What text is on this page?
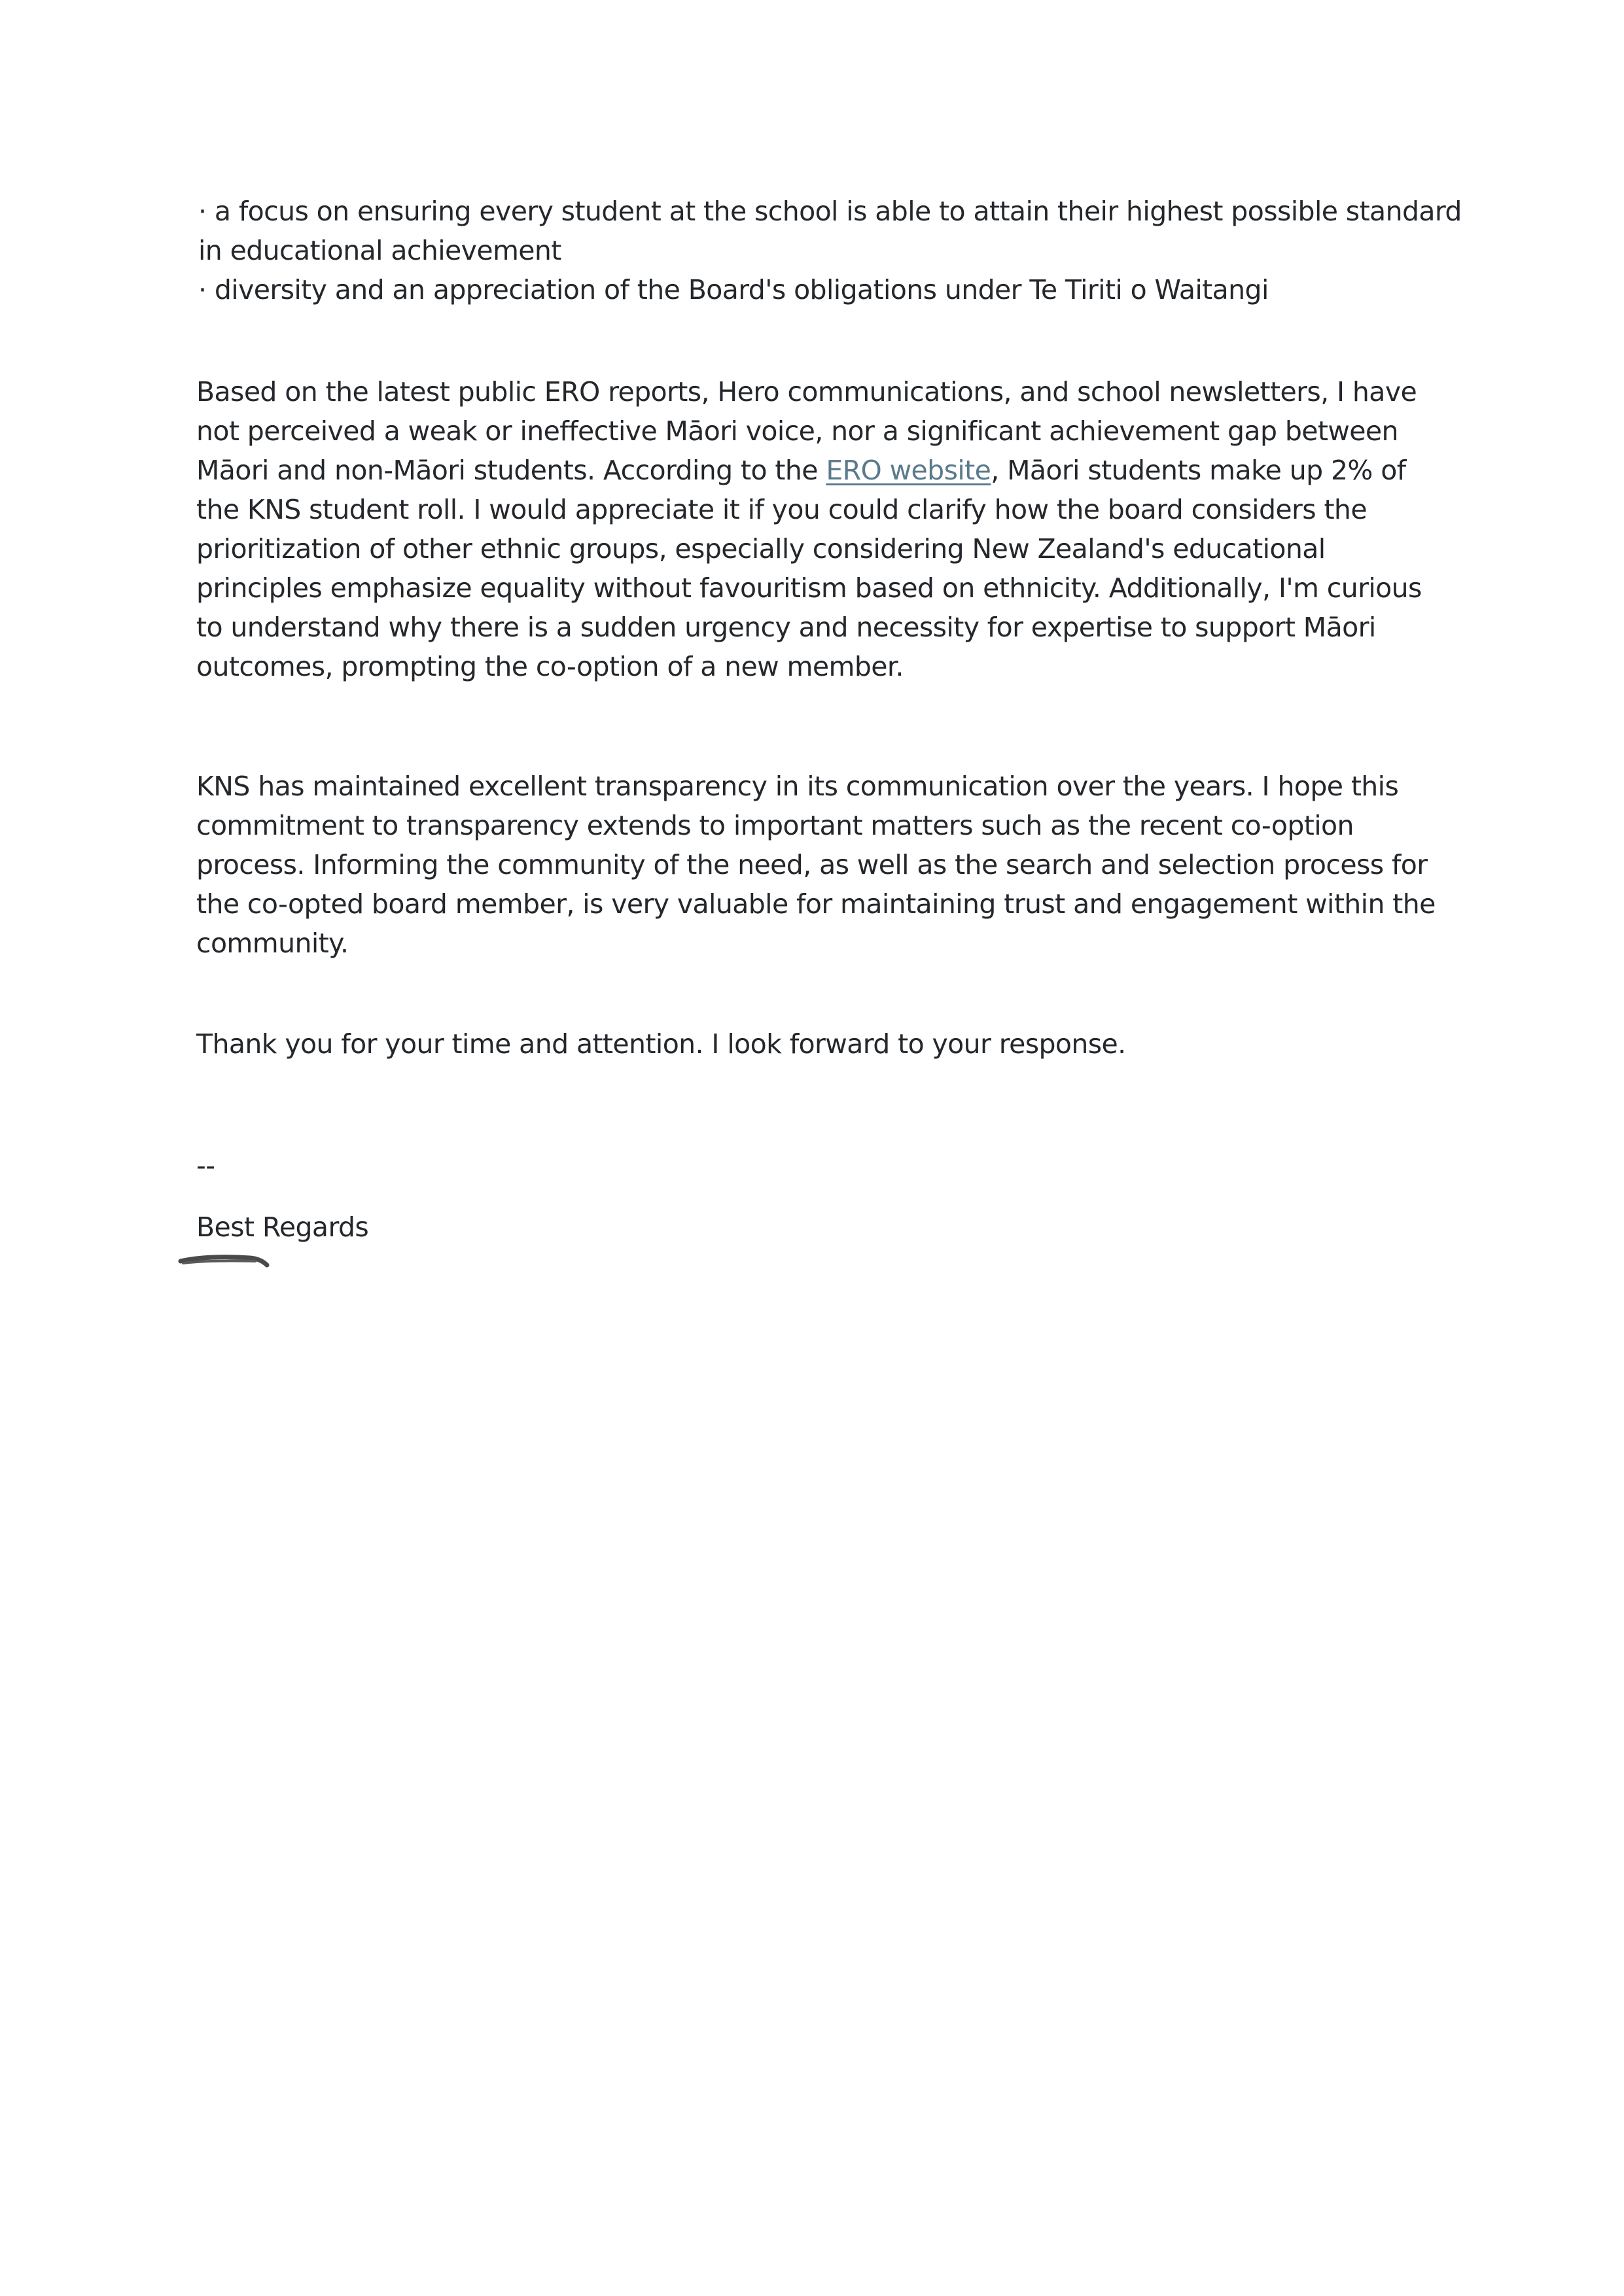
· a focus on ensuring every student at the school is able to attain their highest possible standard
in educational achievement
· diversity and an appreciation of the Board's obligations under Te Tiriti o Waitangi
Based on the latest public ERO reports, Hero communications, and school newsletters, I have
not perceived a weak or ineffective Māori voice, nor a significant achievement gap between
Māori and non-Māori students. According to the ERO website, Māori students make up 2% of
the KNS student roll. I would appreciate it if you could clarify how the board considers the
prioritization of other ethnic groups, especially considering New Zealand's educational
principles emphasize equality without favouritism based on ethnicity. Additionally, I'm curious
to understand why there is a sudden urgency and necessity for expertise to support Māori
outcomes, prompting the co-option of a new member.
KNS has maintained excellent transparency in its communication over the years. I hope this
commitment to transparency extends to important matters such as the recent co-option
process. Informing the community of the need, as well as the search and selection process for
the co-opted board member, is very valuable for maintaining trust and engagement within the
community.
Thank you for your time and attention. I look forward to your response.
--
Best Regards
